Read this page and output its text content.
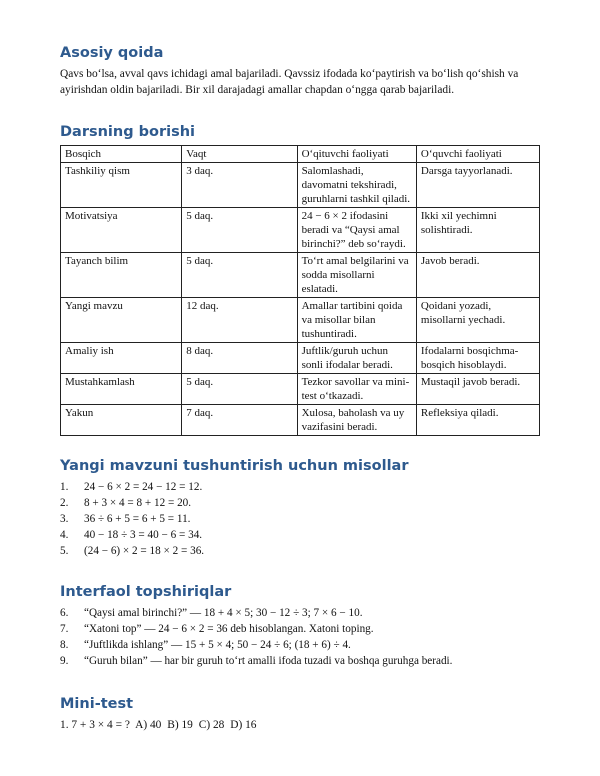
Asosiy qoida

Qavs bo‘lsa, avval qavs ichidagi amal bajariladi. Qavssiz ifodada ko‘paytirish va bo‘lish qo‘shish va ayirishdan oldin bajariladi. Bir xil darajadagi amallar chapdan o‘ngga qarab bajariladi.

Darsning borishi
Bosqich	Vaqt	O‘qituvchi faoliyati	O‘quvchi faoliyati
Tashkiliy qism	3 daq.	Salomlashadi, davomatni tekshiradi, guruhlarni tashkil qiladi.	Darsga tayyorlanadi.
Motivatsiya	5 daq.	24 − 6 × 2 ifodasini beradi va “Qaysi amal birinchi?” deb so‘raydi.	Ikki xil yechimni solishtiradi.
Tayanch bilim	5 daq.	To‘rt amal belgilarini va sodda misollarni eslatadi.	Javob beradi.
Yangi mavzu	12 daq.	Amallar tartibini qoida va misollar bilan tushuntiradi.	Qoidani yozadi, misollarni yechadi.
Amaliy ish	8 daq.	Juftlik/guruh uchun sonli ifodalar beradi.	Ifodalarni bosqichma-bosqich hisoblaydi.
Mustahkamlash	5 daq.	Tezkor savollar va mini-test o‘tkazadi.	Mustaqil javob beradi.
Yakun	7 daq.	Xulosa, baholash va uy vazifasini beradi.	Refleksiya qiladi.
Yangi mavzuni tushuntirish uchun misollar
1.	24 − 6 × 2 = 24 − 12 = 12.
2.	8 + 3 × 4 = 8 + 12 = 20.
3.	36 ÷ 6 + 5 = 6 + 5 = 11.
4.	40 − 18 ÷ 3 = 40 − 6 = 34.
5.	(24 − 6) × 2 = 18 × 2 = 36.
Interfaol topshiriqlar
6.	“Qaysi amal birinchi?” — 18 + 4 × 5; 30 − 12 ÷ 3; 7 × 6 − 10.
7.	“Xatoni top” — 24 − 6 × 2 = 36 deb hisoblangan. Xatoni toping.
8.	“Juftlikda ishlang” — 15 + 5 × 4; 50 − 24 ÷ 6; (18 + 6) ÷ 4.
9.	“Guruh bilan” — har bir guruh to‘rt amalli ifoda tuzadi va boshqa guruhga beradi.
Mini-test
1. 7 + 3 × 4 = ? A) 40 B) 19 C) 28 D) 16
